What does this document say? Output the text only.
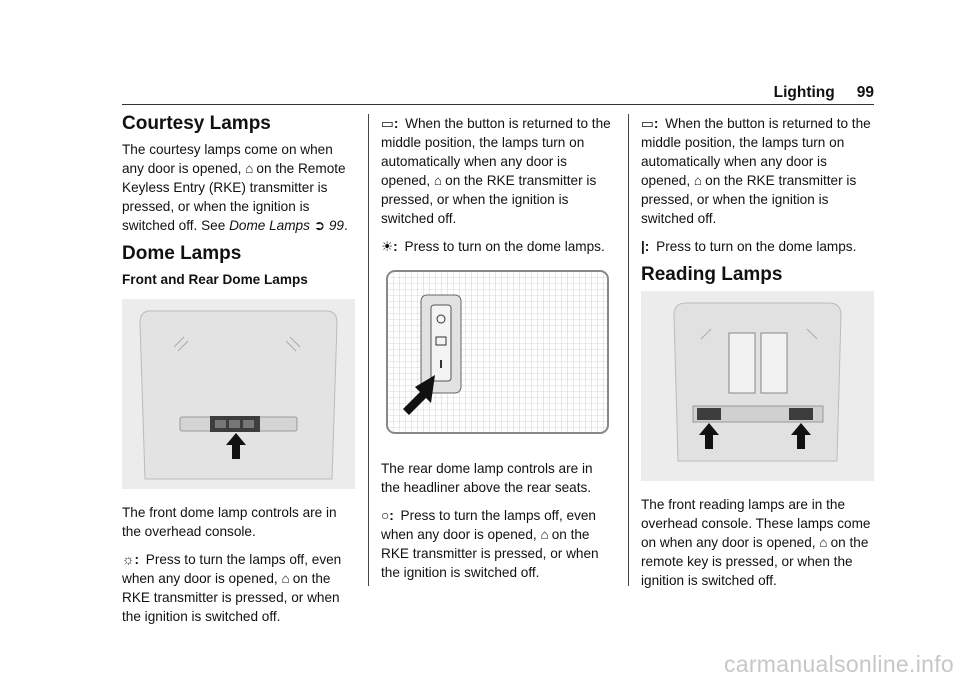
Lighting 99
Courtesy Lamps

The courtesy lamps come on when any door is opened, ⌂ on the Remote Keyless Entry (RKE) transmitter is pressed, or when the ignition is switched off. See Dome Lamps ➲ 99.

Dome Lamps
Front and Rear Dome Lamps

The front dome lamp controls are in the overhead console.

☼: Press to turn the lamps off, even when any door is opened, ⌂ on the RKE transmitter is pressed, or when the ignition is switched off.

▭: When the button is returned to the middle position, the lamps turn on automatically when any door is opened, ⌂ on the RKE transmitter is pressed, or when the ignition is switched off.

☀: Press to turn on the dome lamps.

The rear dome lamp controls are in the headliner above the rear seats.

○: Press to turn the lamps off, even when any door is opened, ⌂ on the RKE transmitter is pressed, or when the ignition is switched off.

▭: When the button is returned to the middle position, the lamps turn on automatically when any door is opened, ⌂ on the RKE transmitter is pressed, or when the ignition is switched off.

|: Press to turn on the dome lamps.

Reading Lamps

The front reading lamps are in the overhead console. These lamps come on when any door is opened, ⌂ on the remote key is pressed, or when the ignition is switched off.

carmanualsonline.info
